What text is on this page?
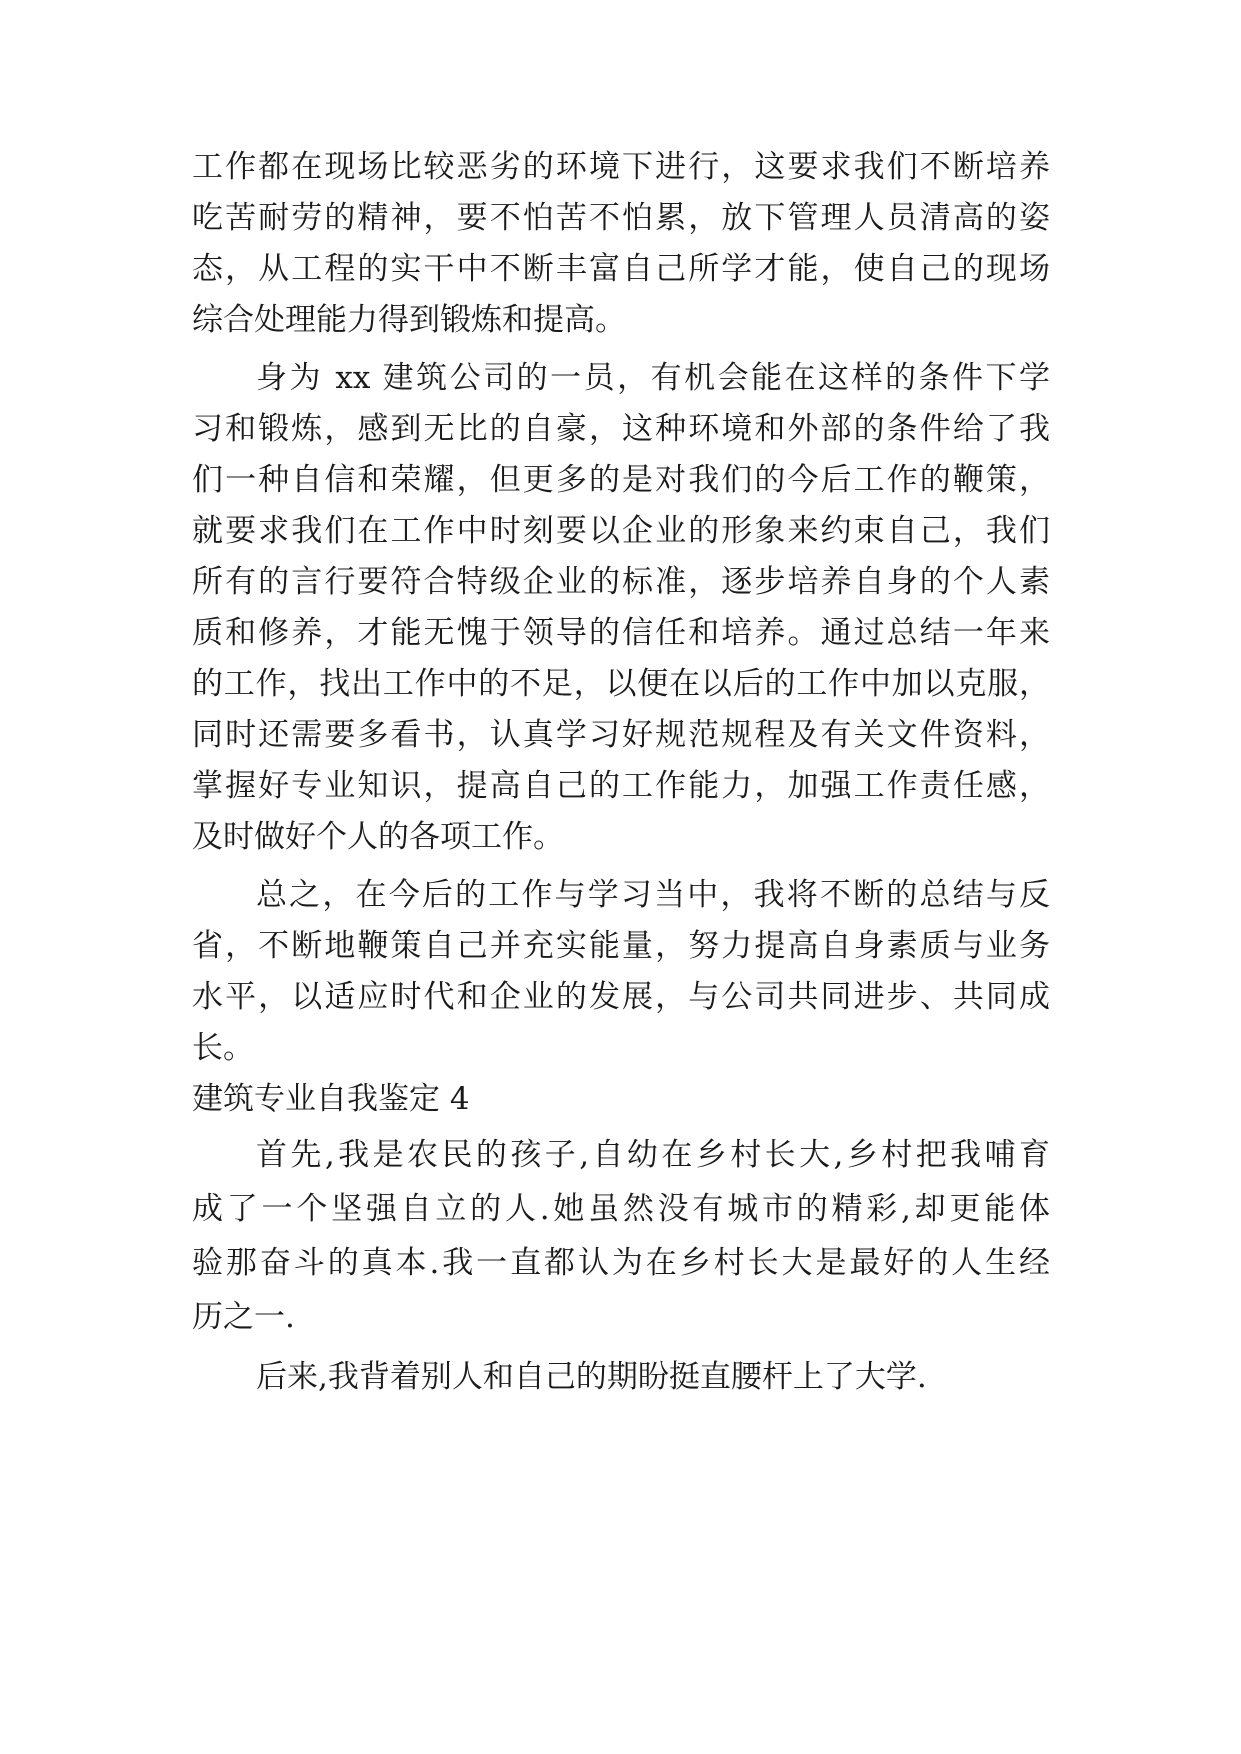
工作都在现场比较恶劣的环境下进行，这要求我们不断培养
吃苦耐劳的精神，要不怕苦不怕累，放下管理人员清高的姿
态，从工程的实干中不断丰富自己所学才能，使自己的现场
综合处理能力得到锻炼和提高。
身为 xx 建筑公司的一员，有机会能在这样的条件下学
习和锻炼，感到无比的自豪，这种环境和外部的条件给了我
们一种自信和荣耀，但更多的是对我们的今后工作的鞭策，
就要求我们在工作中时刻要以企业的形象来约束自己，我们
所有的言行要符合特级企业的标准，逐步培养自身的个人素
质和修养，才能无愧于领导的信任和培养。通过总结一年来
的工作，找出工作中的不足，以便在以后的工作中加以克服，
同时还需要多看书，认真学习好规范规程及有关文件资料，
掌握好专业知识，提高自己的工作能力，加强工作责任感，
及时做好个人的各项工作。
总之，在今后的工作与学习当中，我将不断的总结与反
省，不断地鞭策自己并充实能量，努力提高自身素质与业务
水平，以适应时代和企业的发展，与公司共同进步、共同成
长。
建筑专业自我鉴定 4
首先,我是农民的孩子,自幼在乡村长大,乡村把我哺育
成了一个坚强自立的人.她虽然没有城市的精彩,却更能体
验那奋斗的真本.我一直都认为在乡村长大是最好的人生经
历之一.
后来,我背着别人和自己的期盼挺直腰杆上了大学.
